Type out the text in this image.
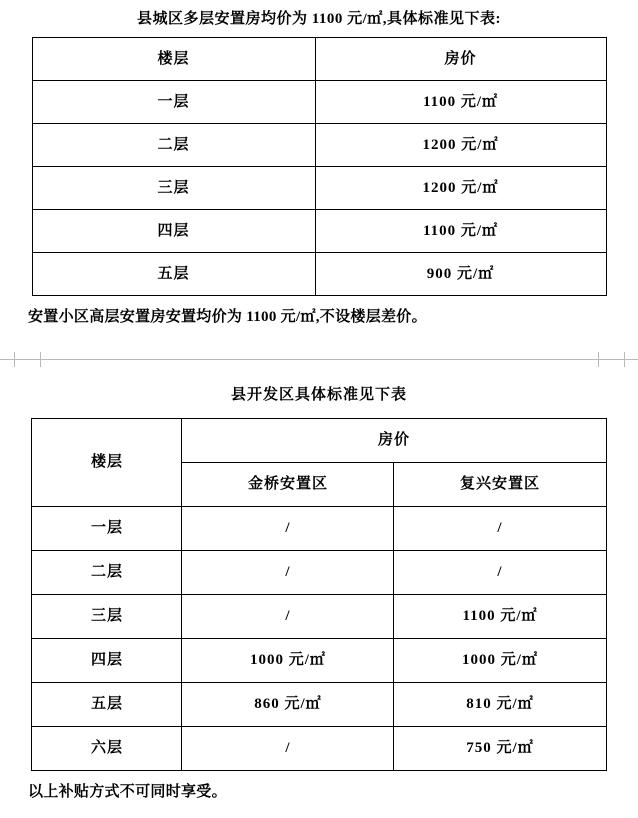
县城区多层安置房均价为 1100 元/㎡,具体标准见下表:
楼层	房价
一层	1100 元/㎡
二层	1200 元/㎡
三层	1200 元/㎡
四层	1100 元/㎡
五层	900 元/㎡
安置小区高层安置房安置均价为 1100 元/㎡,不设楼层差价。
县开发区具体标准见下表
楼层	房价	
	金桥安置区	复兴安置区
一层	/	/
二层	/	/
三层	/	1100 元/㎡
四层	1000 元/㎡	1000 元/㎡
五层	860 元/㎡	810 元/㎡
六层	/	750 元/㎡
以上补贴方式不可同时享受。
